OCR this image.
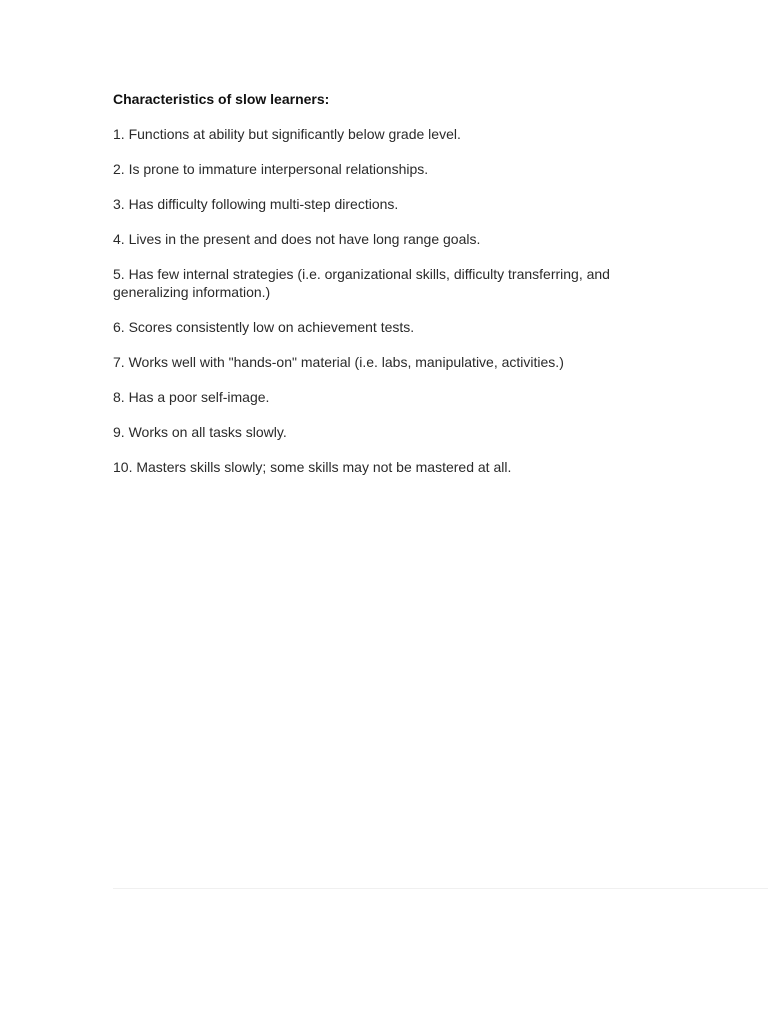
Characteristics of slow learners:
1. Functions at ability but significantly below grade level.
2. Is prone to immature interpersonal relationships.
3. Has difficulty following multi-step directions.
4. Lives in the present and does not have long range goals.
5. Has few internal strategies (i.e. organizational skills, difficulty transferring, and generalizing information.)
6. Scores consistently low on achievement tests.
7. Works well with "hands-on" material (i.e. labs, manipulative, activities.)
8. Has a poor self-image.
9. Works on all tasks slowly.
10. Masters skills slowly; some skills may not be mastered at all.
